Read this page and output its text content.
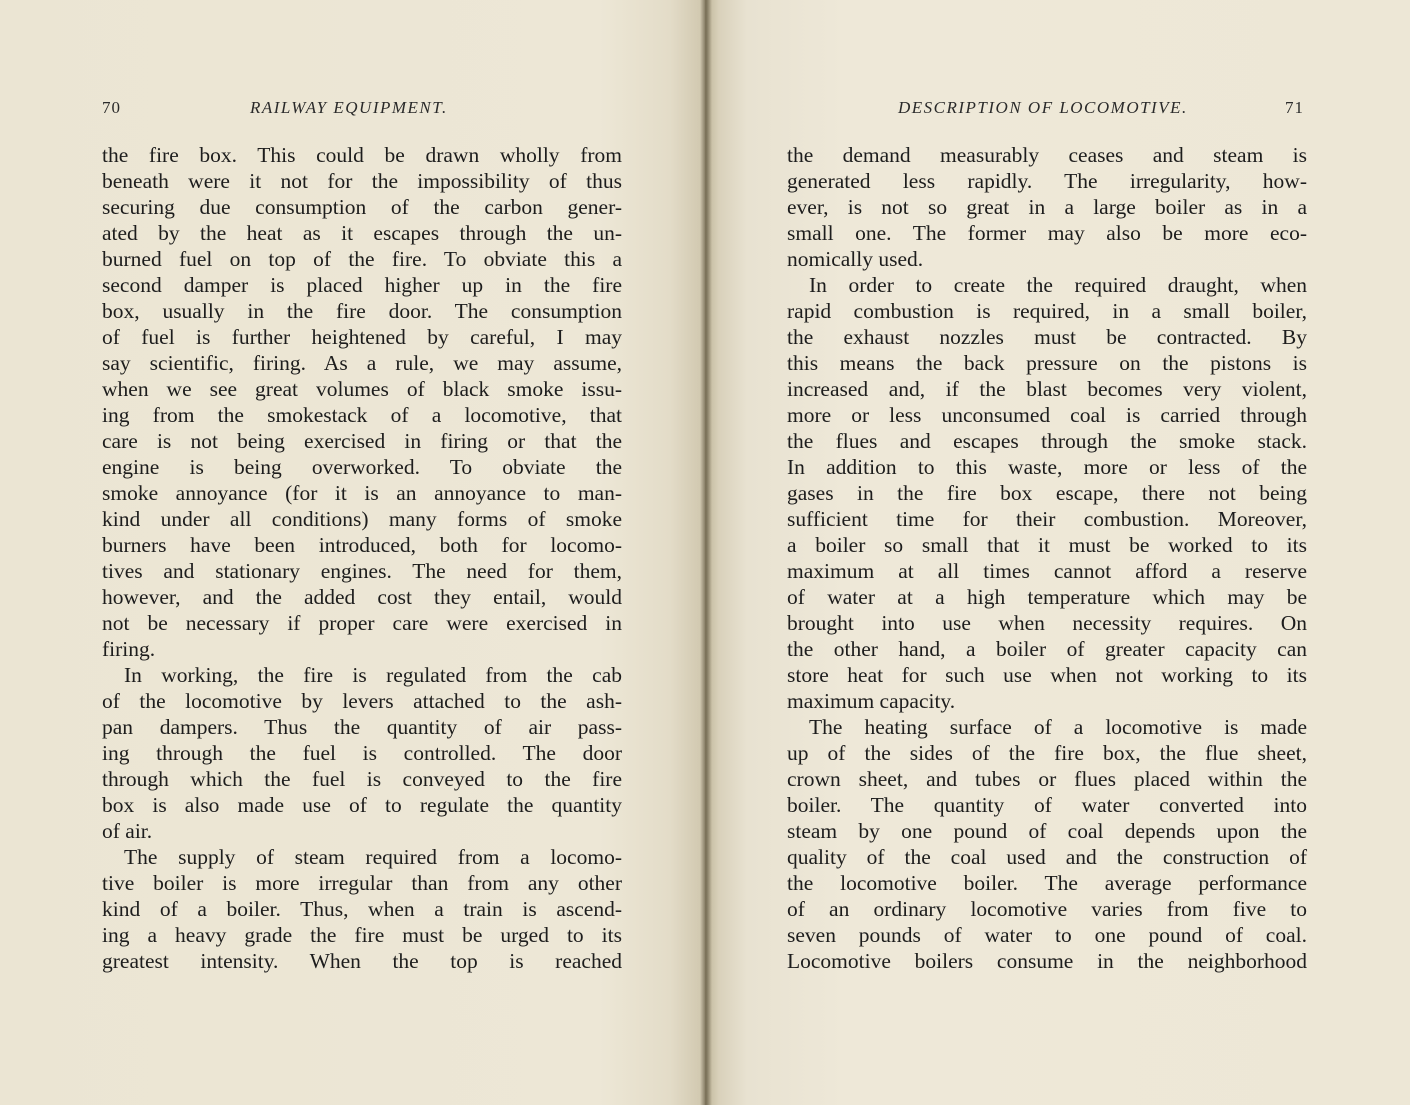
70	RAILWAY EQUIPMENT.	DESCRIPTION OF LOCOMOTIVE.	71
the fire box. This could be drawn wholly from
beneath were it not for the impossibility of thus
securing due consumption of the carbon gener-
ated by the heat as it escapes through the un-
burned fuel on top of the fire. To obviate this a
second damper is placed higher up in the fire
box, usually in the fire door. The consumption
of fuel is further heightened by careful, I may
say scientific, firing. As a rule, we may assume,
when we see great volumes of black smoke issu-
ing from the smokestack of a locomotive, that
care is not being exercised in firing or that the
engine is being overworked. To obviate the
smoke annoyance (for it is an annoyance to man-
kind under all conditions) many forms of smoke
burners have been introduced, both for locomo-
tives and stationary engines. The need for them,
however, and the added cost they entail, would
not be necessary if proper care were exercised in
firing.
In working, the fire is regulated from the cab
of the locomotive by levers attached to the ash-
pan dampers. Thus the quantity of air pass-
ing through the fuel is controlled. The door
through which the fuel is conveyed to the fire
box is also made use of to regulate the quantity
of air.
The supply of steam required from a locomo-
tive boiler is more irregular than from any other
kind of a boiler. Thus, when a train is ascend-
ing a heavy grade the fire must be urged to its
greatest intensity. When the top is reached
the demand measurably ceases and steam is
generated less rapidly. The irregularity, how-
ever, is not so great in a large boiler as in a
small one. The former may also be more eco-
nomically used.
In order to create the required draught, when
rapid combustion is required, in a small boiler,
the exhaust nozzles must be contracted. By
this means the back pressure on the pistons is
increased and, if the blast becomes very violent,
more or less unconsumed coal is carried through
the flues and escapes through the smoke stack.
In addition to this waste, more or less of the
gases in the fire box escape, there not being
sufficient time for their combustion. Moreover,
a boiler so small that it must be worked to its
maximum at all times cannot afford a reserve
of water at a high temperature which may be
brought into use when necessity requires. On
the other hand, a boiler of greater capacity can
store heat for such use when not working to its
maximum capacity.
The heating surface of a locomotive is made
up of the sides of the fire box, the flue sheet,
crown sheet, and tubes or flues placed within the
boiler. The quantity of water converted into
steam by one pound of coal depends upon the
quality of the coal used and the construction of
the locomotive boiler. The average performance
of an ordinary locomotive varies from five to
seven pounds of water to one pound of coal.
Locomotive boilers consume in the neighborhood
